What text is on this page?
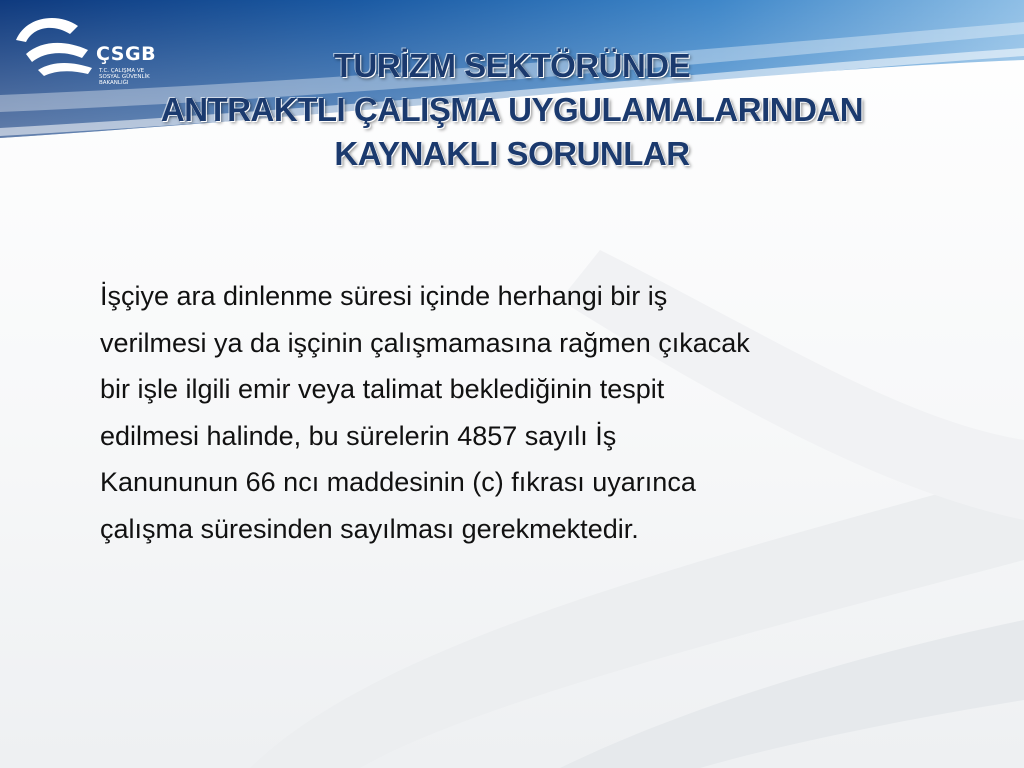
ÇSGB
T.C. ÇALIŞMA VE
SOSYAL GÜVENLİK
BAKANLIĞI	TURİZM SEKTÖRÜNDE
ANTRAKTLI ÇALIŞMA UYGULAMALARINDAN
KAYNAKLI SORUNLAR
İşçiye ara dinlenme süresi içinde herhangi bir iş
verilmesi ya da işçinin çalışmamasına rağmen çıkacak
bir işle ilgili emir veya talimat beklediğinin tespit
edilmesi halinde, bu sürelerin 4857 sayılı İş
Kanununun 66 ncı maddesinin (c) fıkrası uyarınca
çalışma süresinden sayılması gerekmektedir.
